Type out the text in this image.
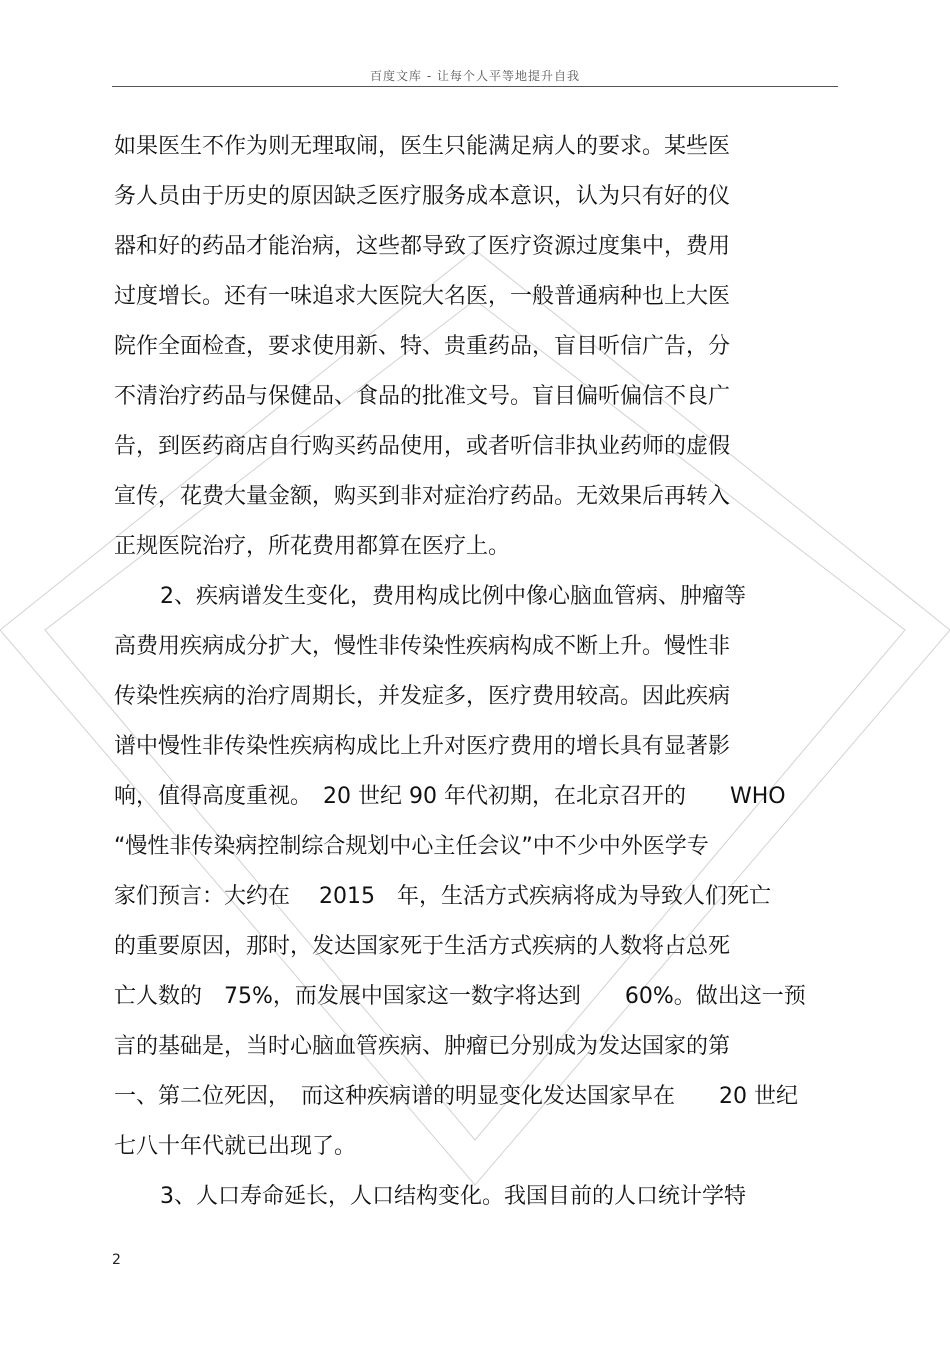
百度文库 - 让每个人平等地提升自我
如果医生不作为则无理取闹，医生只能满足病人的要求。某些医
务人员由于历史的原因缺乏医疗服务成本意识，认为只有好的仪
器和好的药品才能治病，这些都导致了医疗资源过度集中，费用
过度增长。还有一味追求大医院大名医，一般普通病种也上大医
院作全面检查，要求使用新、特、贵重药品，盲目听信广告，分
不清治疗药品与保健品、食品的批准文号。盲目偏听偏信不良广
告，到医药商店自行购买药品使用，或者听信非执业药师的虚假
宣传，花费大量金额，购买到非对症治疗药品。无效果后再转入
正规医院治疗，所花费用都算在医疗上。
2、疾病谱发生变化，费用构成比例中像心脑血管病、肿瘤等
高费用疾病成分扩大，慢性非传染性疾病构成不断上升。慢性非
传染性疾病的治疗周期长，并发症多，医疗费用较高。因此疾病
谱中慢性非传染性疾病构成比上升对医疗费用的增长具有显著影
响，值得高度重视。　20 世纪 90 年代初期，在北京召开的　　WHO
“慢性非传染病控制综合规划中心主任会议”中不少中外医学专
家们预言：大约在　 2015　年，生活方式疾病将成为导致人们死亡
的重要原因，那时，发达国家死于生活方式疾病的人数将占总死
亡人数的　75%，而发展中国家这一数字将达到　　60%。做出这一预
言的基础是，当时心脑血管疾病、肿瘤已分别成为发达国家的第
一、第二位死因，　而这种疾病谱的明显变化发达国家早在　　20 世纪
七八十年代就已出现了。
3、人口寿命延长，人口结构变化。我国目前的人口统计学特
2
